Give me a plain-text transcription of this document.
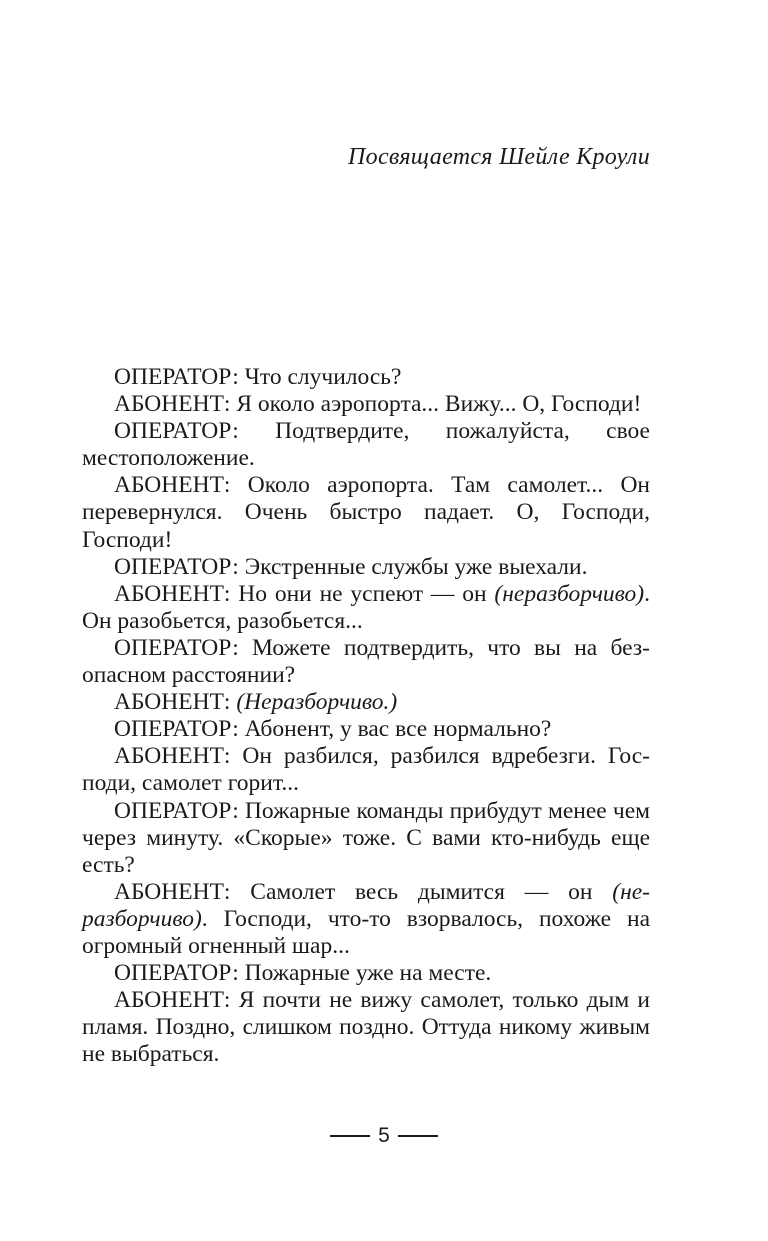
Посвящается Шейле Кроули

ОПЕРАТОР: Что случилось?

АБОНЕНТ: Я около аэропорта... Вижу... О, Господи!

ОПЕРАТОР: Подтвердите, пожалуйста, свое местоположение.

АБОНЕНТ: Около аэропорта. Там самолет... Он перевернулся. Очень быстро падает. О, Господи, Господи!

ОПЕРАТОР: Экстренные службы уже выехали.

АБОНЕНТ: Но они не успеют — он (неразборчиво). Он разобьется, разобьется...

ОПЕРАТОР: Можете подтвердить, что вы на безопасном расстоянии?

АБОНЕНТ: (Неразборчиво.)

ОПЕРАТОР: Абонент, у вас все нормально?

АБОНЕНТ: Он разбился, разбился вдребезги. Господи, самолет горит...

ОПЕРАТОР: Пожарные команды прибудут менее чем через минуту. «Скорые» тоже. С вами кто-нибудь еще есть?

АБОНЕНТ: Самолет весь дымится — он (неразборчиво). Господи, что-то взорвалось, похоже на огромный огненный шар...

ОПЕРАТОР: Пожарные уже на месте.

АБОНЕНТ: Я почти не вижу самолет, только дым и пламя. Поздно, слишком поздно. Оттуда никому живым не выбраться.

5
